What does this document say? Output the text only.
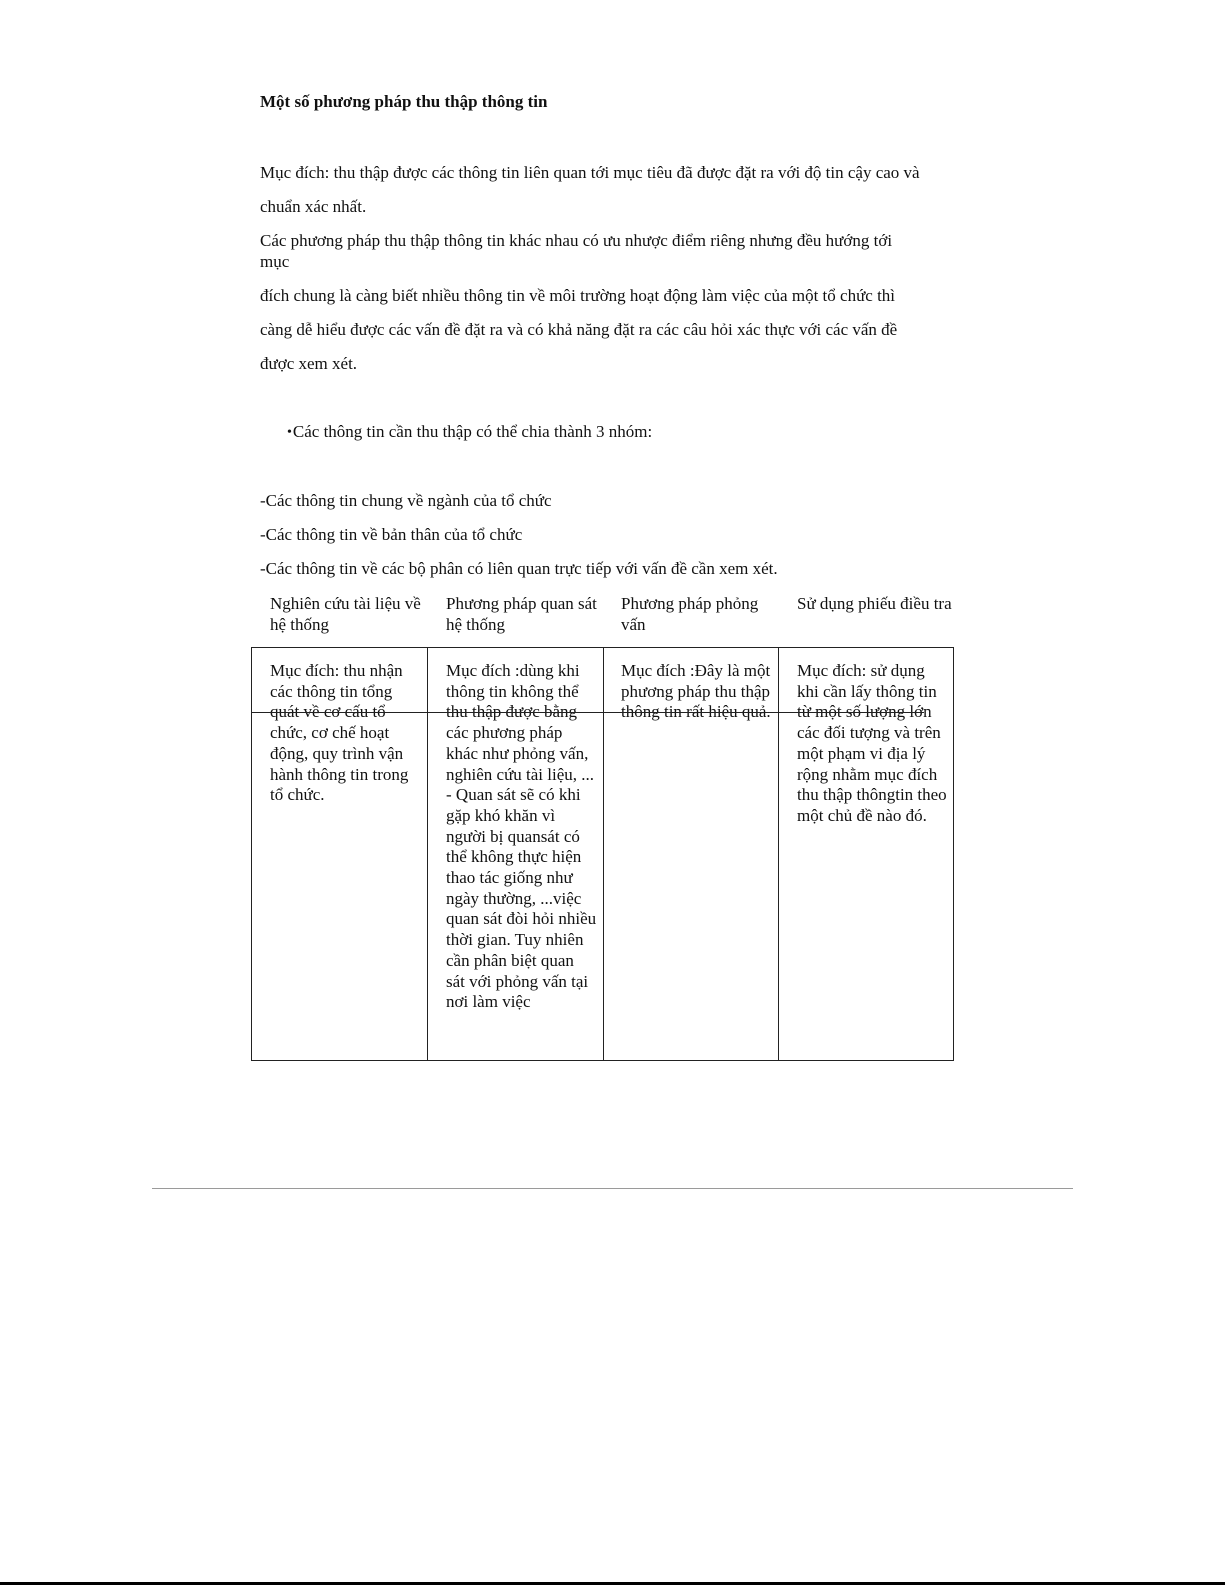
Một số phương pháp thu thập thông tin

Mục đích: thu thập được các thông tin liên quan tới mục tiêu đã được đặt ra với độ tin cậy cao và

chuẩn xác nhất.

Các phương pháp thu thập thông tin khác nhau có ưu nhược điểm riêng nhưng đều hướng tới

mục

đích chung là càng biết nhiều thông tin về môi trường hoạt động làm việc của một tổ chức thì

càng dễ hiểu được các vấn đề đặt ra và có khả năng đặt ra các câu hỏi xác thực với các vấn đề

được xem xét.

•Các thông tin cần thu thập có thể chia thành 3 nhóm:

-Các thông tin chung về ngành của tổ chức

-Các thông tin về bản thân của tổ chức

-Các thông tin về các bộ phân có liên quan trực tiếp với vấn đề cần xem xét.

Nghiên cứu tài liệu về hệ thống
Phương pháp quan sát hệ thống
Phương pháp phỏng vấn
Sử dụng phiếu điều tra
Mục đích: thu nhận
các thông tin tổng
quát về cơ cấu tổ
chức, cơ chế hoạt
động, quy trình vận
hành thông tin trong
tổ chức.
Mục đích :dùng khi
thông tin không thể
thu thập được bằng
các phương pháp
khác như phỏng vấn,
nghiên cứu tài liệu, ...
- Quan sát sẽ có khi
gặp khó khăn vì
người bị quansát có
thể không thực hiện
thao tác giống như
ngày thường, ...việc
quan sát đòi hỏi nhiều
thời gian. Tuy nhiên
cần phân biệt quan
sát với phỏng vấn tại
nơi làm việc
Mục đích :Đây là một
phương pháp thu thập
thông tin rất hiệu quả.
Mục đích: sử dụng
khi cần lấy thông tin
từ một số lượng lớn
các đối tượng và trên
một phạm vi địa lý
rộng nhằm mục đích
thu thập thôngtin theo
một chủ đề nào đó.
